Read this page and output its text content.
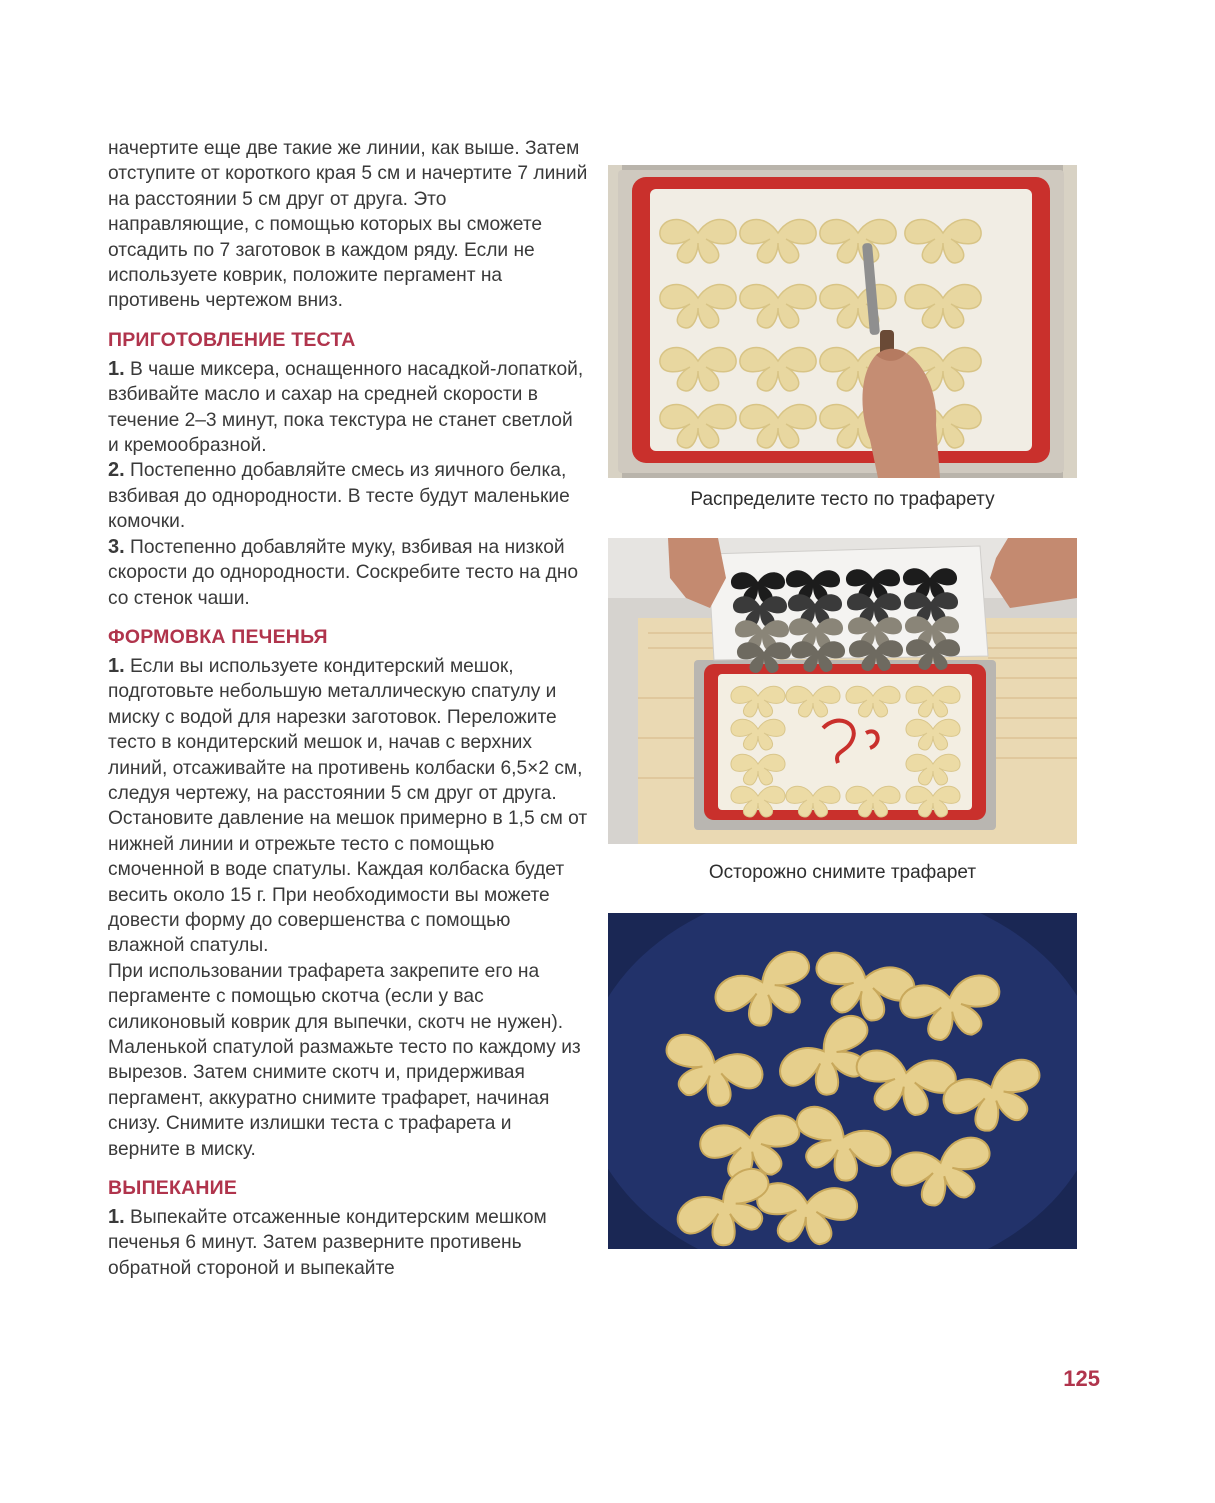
начертите еще две такие же линии, как выше. Затем отступите от короткого края 5 см и начертите 7 линий на расстоянии 5 см друг от друга. Это направляющие, с помощью которых вы сможете отсадить по 7 заготовок в каждом ряду. Если не используете коврик, положите пергамент на противень чертежом вниз.

ПРИГОТОВЛЕНИЕ ТЕСТА

1. В чаше миксера, оснащенного насадкой-лопаткой, взбивайте масло и сахар на средней скорости в течение 2–3 минут, пока текстура не станет светлой и кремообразной.

2. Постепенно добавляйте смесь из яичного белка, взбивая до однородности. В тесте будут маленькие комочки.

3. Постепенно добавляйте муку, взбивая на низкой скорости до однородности. Соскребите тесто на дно со стенок чаши.

ФОРМОВКА ПЕЧЕНЬЯ

1. Если вы используете кондитерский мешок, подготовьте небольшую металлическую спатулу и миску с водой для нарезки заготовок. Переложите тесто в кондитерский мешок и, начав с верхних линий, отсаживайте на противень колбаски 6,5×2 см, следуя чертежу, на расстоянии 5 см друг от друга. Остановите давление на мешок примерно в 1,5 см от нижней линии и отрежьте тесто с помощью смоченной в воде спатулы. Каждая колбаска будет весить около 15 г. При необходимости вы можете довести форму до совершенства с помощью влажной спатулы.

При использовании трафарета закрепите его на пергаменте с помощью скотча (если у вас силиконовый коврик для выпечки, скотч не нужен). Маленькой спатулой размажьте тесто по каждому из вырезов. Затем снимите скотч и, придерживая пергамент, аккуратно снимите трафарет, начиная снизу. Снимите излишки теста с трафарета и верните в миску.

ВЫПЕКАНИЕ

1. Выпекайте отсаженные кондитерским мешком печенья 6 минут. Затем разверните противень обратной стороной и выпекайте

Распределите тесто по трафарету
Осторожно снимите трафарет
125
